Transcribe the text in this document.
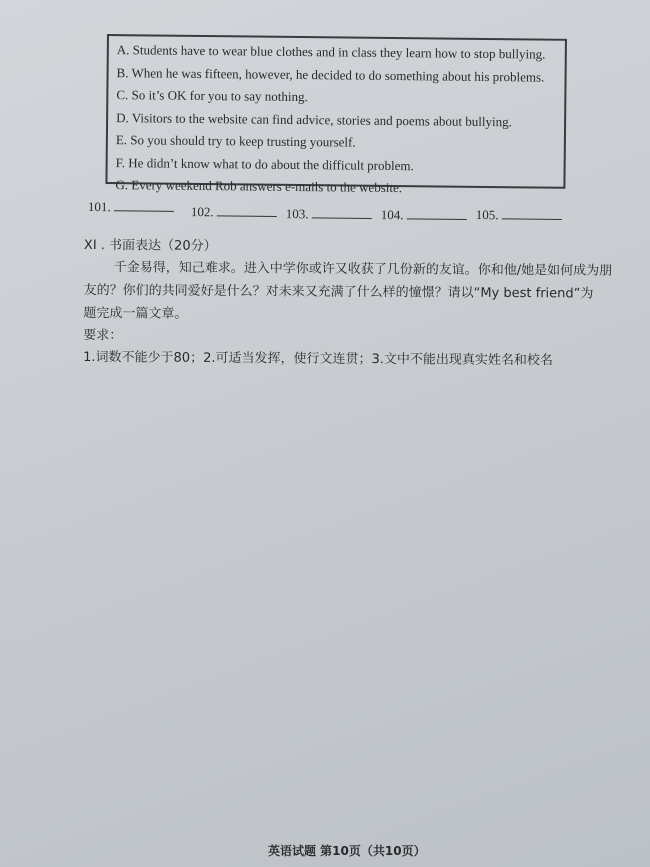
A. Students have to wear blue clothes and in class they learn how to stop bullying.
B. When he was fifteen, however, he decided to do something about his problems.
C. So it’s OK for you to say nothing.
D. Visitors to the website can find advice, stories and poems about bullying.
E. So you should try to keep trusting yourself.
F. He didn’t know what to do about the difficult problem.
G. Every weekend Rob answers e-mails to the website.
101.	102.	103.	104.	105.
XI . 书面表达（20分）
千金易得，知己难求。进入中学你或许又收获了几份新的友谊。你和他/她是如何成为朋
友的？你们的共同爱好是什么？对未来又充满了什么样的憧憬？请以“My best friend”为
题完成一篇文章。
要求：
1.词数不能少于80；2.可适当发挥，使行文连贯；3.文中不能出现真实姓名和校名
英语试题 第10页（共10页）
